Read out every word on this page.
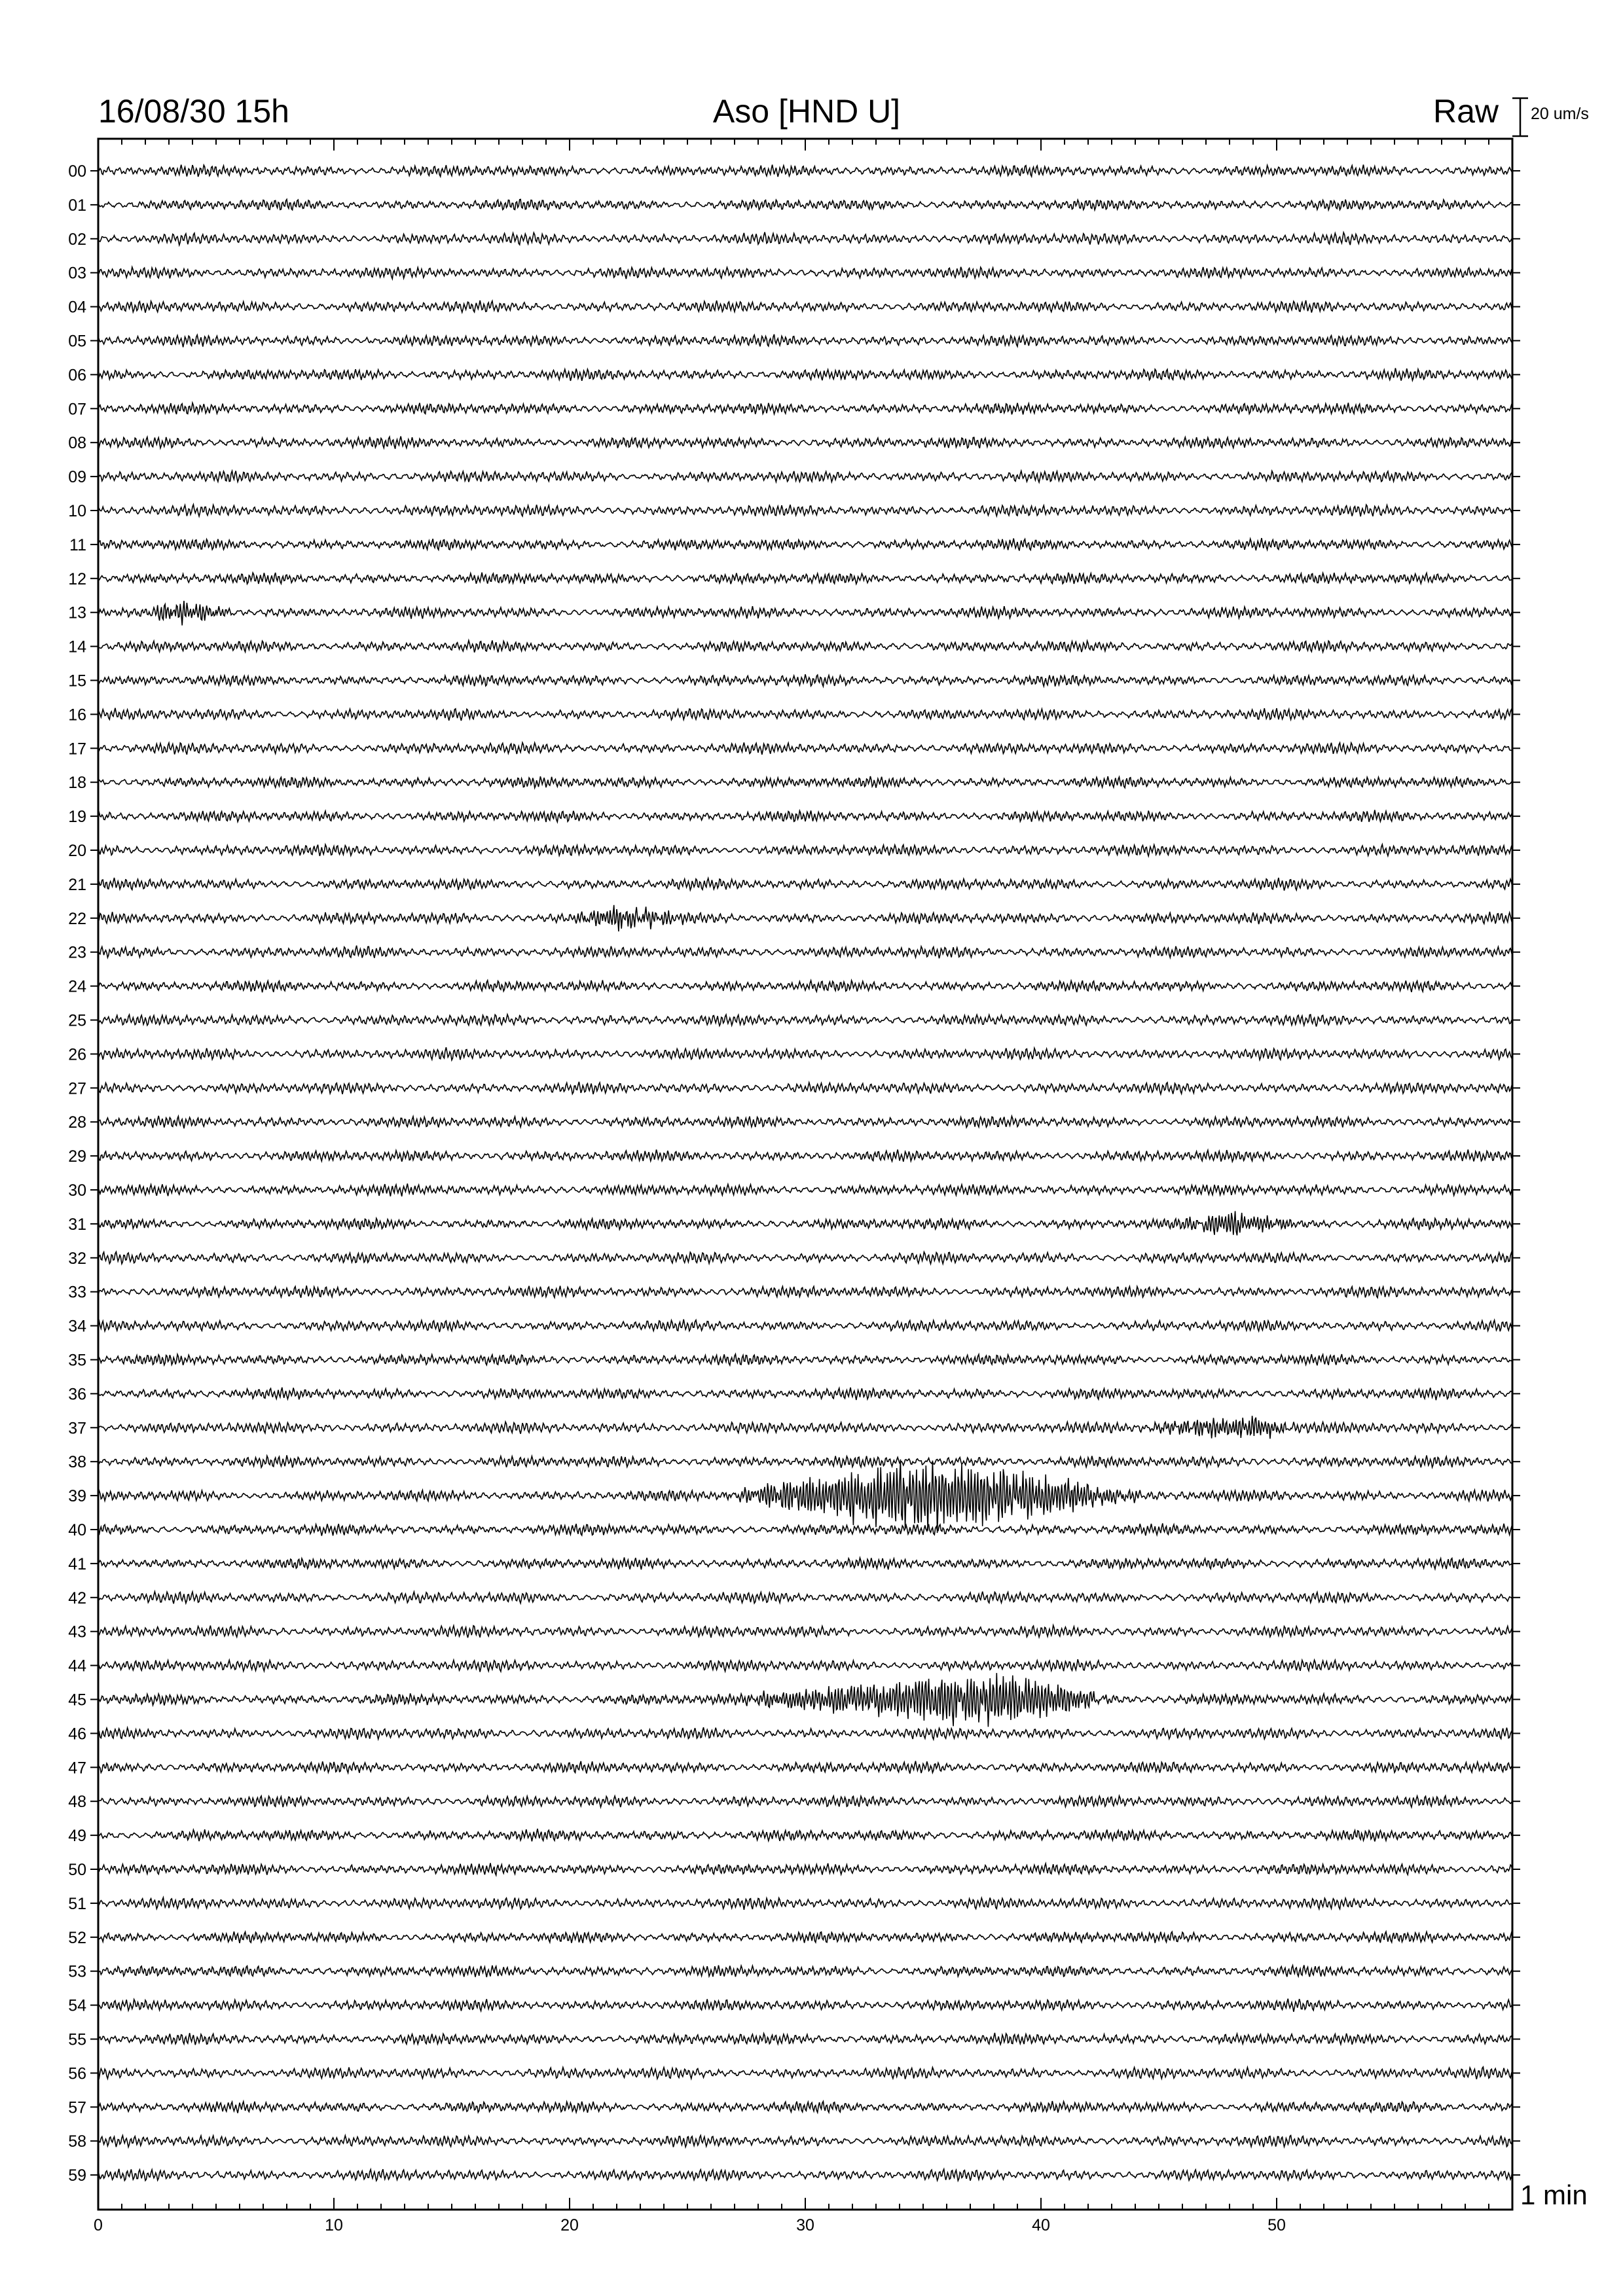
16/08/30 15h	Aso [HND U]	Raw 20 um/s
1 min
00
01
02
03
04
05
06
07
08
09
10
11
12
13
14
15
16
17
18
19
20
21
22
23
24
25
26
27
28
29
30
31
32
33
34
35
36
37
38
39
40
41
42
43
44
45
46
47
48
49
50
51
52
53
54
55
56
57
58
59
0	10	20	30	40	50
